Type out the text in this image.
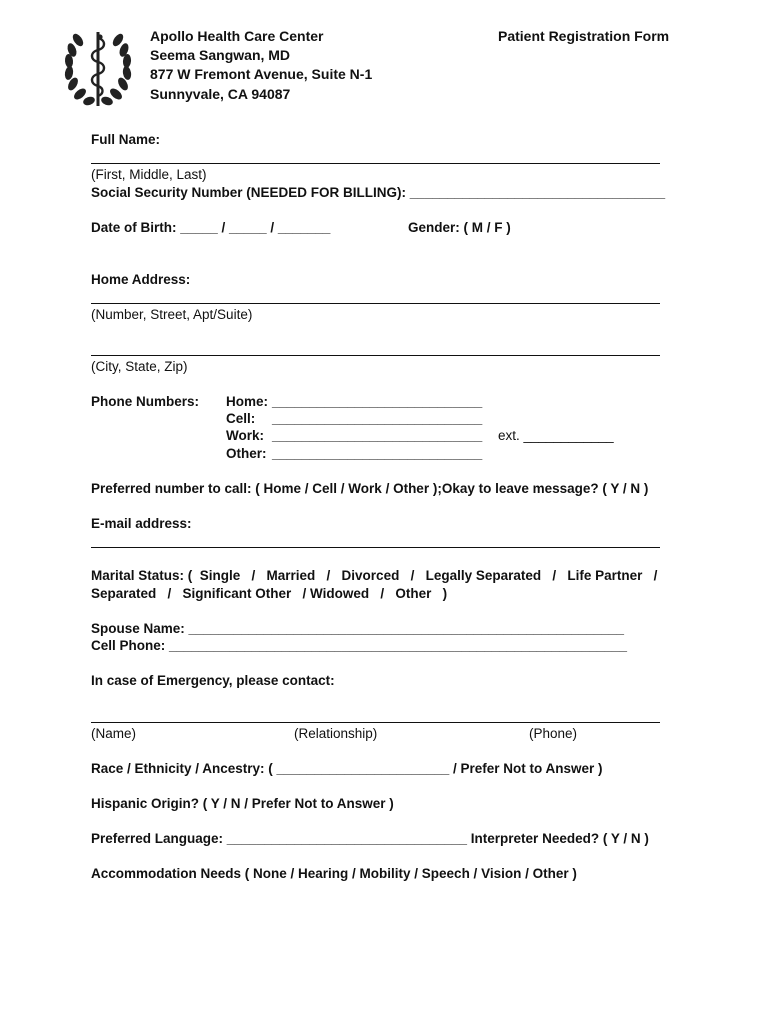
Apollo Health Care Center
Seema Sangwan, MD
877 W Fremont Avenue, Suite N-1
Sunnyvale, CA 94087
Patient Registration Form
Full Name:
(First, Middle, Last)
Social Security Number (NEEDED FOR BILLING): __________________________________
Date of Birth: _____ / _____ / _______	Gender: ( M / F )
Home Address:
(Number, Street, Apt/Suite)
(City, State, Zip)
Phone Numbers: Home:____________________________
Cell:____________________________
Work:____________________________ ext. ____________
Other:____________________________
Preferred number to call: ( Home / Cell / Work / Other );Okay to leave message? ( Y / N )
E-mail address:
Marital Status: (  Single   /   Married   /   Divorced   /   Legally Separated   /   Life Partner   /
Separated   /   Significant Other   / Widowed   /   Other   )
Spouse Name: __________________________________________________________
Cell Phone: _____________________________________________________________
In case of Emergency, please contact:
(Name)	(Relationship)	(Phone)
Race / Ethnicity / Ancestry: ( _______________________ / Prefer Not to Answer )
Hispanic Origin? ( Y / N / Prefer Not to Answer )
Preferred Language: ________________________________ Interpreter Needed? ( Y / N )
Accommodation Needs ( None / Hearing / Mobility / Speech / Vision / Other )
